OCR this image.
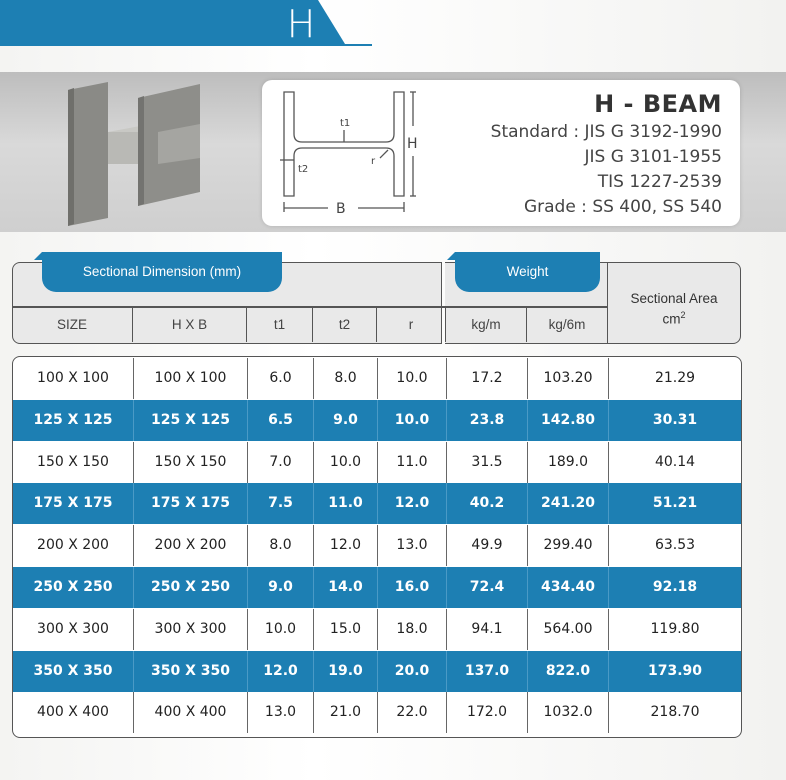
H
t1
t2
r
H
B
H - BEAM
Standard : JIS G 3192-1990
JIS G 3101-1955
TIS 1227-2539
Grade : SS 400, SS 540
Sectional Dimension (mm)	Weight
Sectional Area
$cm^2$
SIZE	H X B	t1	t2	r	kg/m	kg/6m
100 X 100	100 X 100	6.0	8.0	10.0	17.2	103.20	21.29
125 X 125	125 X 125	6.5	9.0	10.0	23.8	142.80	30.31
150 X 150	150 X 150	7.0	10.0	11.0	31.5	189.0	40.14
175 X 175	175 X 175	7.5	11.0	12.0	40.2	241.20	51.21
200 X 200	200 X 200	8.0	12.0	13.0	49.9	299.40	63.53
250 X 250	250 X 250	9.0	14.0	16.0	72.4	434.40	92.18
300 X 300	300 X 300	10.0	15.0	18.0	94.1	564.00	119.80
350 X 350	350 X 350	12.0	19.0	20.0	137.0	822.0	173.90
400 X 400	400 X 400	13.0	21.0	22.0	172.0	1032.0	218.70
